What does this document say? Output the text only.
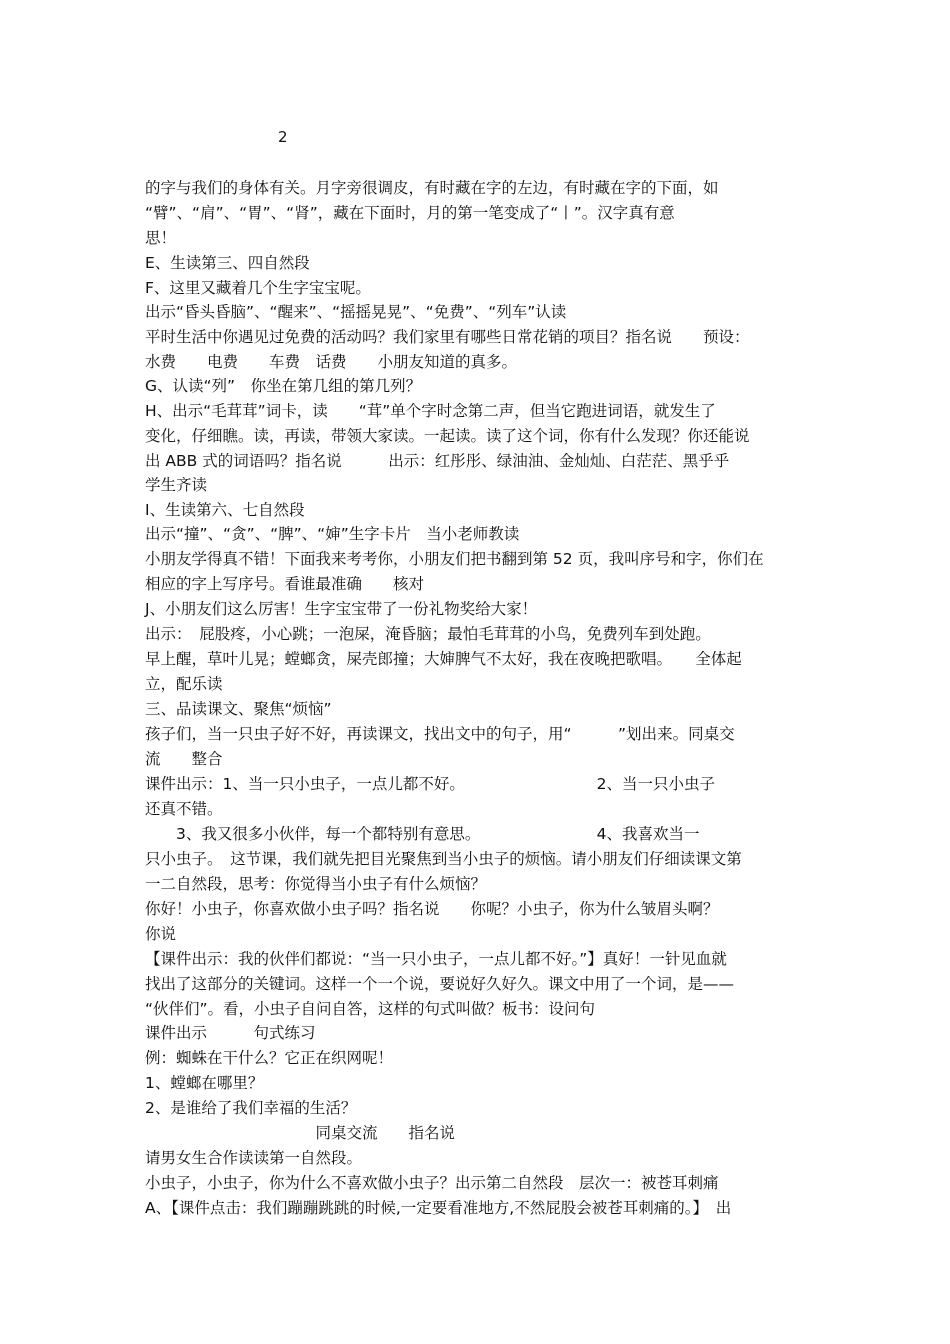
2
的字与我们的身体有关。月字旁很调皮，有时藏在字的左边，有时藏在字的下面，如
“臂”、“肩”、“胃”、“肾”，藏在下面时，月的第一笔变成了“丨”。汉字真有意
思！
E、生读第三、四自然段
F、这里又藏着几个生字宝宝呢。
出示“昏头昏脑”、“醒来”、“摇摇晃晃”、“免费”、“列车”认读
平时生活中你遇见过免费的活动吗？我们家里有哪些日常花销的项目？指名说　　预设：
水费　　电费　　车费　话费　　小朋友知道的真多。
G、认读“列”　你坐在第几组的第几列？
H、出示“毛茸茸”词卡，读　　“茸”单个字时念第二声，但当它跑进词语，就发生了
变化，仔细瞧。读，再读，带领大家读。一起读。读了这个词，你有什么发现？你还能说
出 ABB 式的词语吗？指名说　　　出示：红彤彤、绿油油、金灿灿、白茫茫、黑乎乎
学生齐读
I、生读第六、七自然段
出示“撞”、“贪”、“脾”、“婶”生字卡片　当小老师教读
小朋友学得真不错！下面我来考考你，小朋友们把书翻到第 52 页，我叫序号和字，你们在
相应的字上写序号。看谁最准确　　核对
J、小朋友们这么厉害！生字宝宝带了一份礼物奖给大家！
出示：　屁股疼，小心跳；一泡屎，淹昏脑；最怕毛茸茸的小鸟，免费列车到处跑。
早上醒，草叶儿晃；螳螂贪，屎壳郎撞；大婶脾气不太好，我在夜晚把歌唱。　　全体起
立，配乐读
三、品读课文、聚焦“烦恼”
孩子们，当一只虫子好不好，再读课文，找出文中的句子，用“　　　”划出来。同桌交
流　　整合
课件出示：1、当一只小虫子，一点儿都不好。　　　　　　　　　2、当一只小虫子
还真不错。
　　3、我又很多小伙伴，每一个都特别有意思。　　　　　　　　4、我喜欢当一
只小虫子。　这节课，我们就先把目光聚焦到当小虫子的烦恼。请小朋友们仔细读课文第
一二自然段，思考：你觉得当小虫子有什么烦恼？
你好！小虫子，你喜欢做小虫子吗？指名说　　你呢？小虫子，你为什么皱眉头啊？
你说
【课件出示：我的伙伴们都说：“当一只小虫子，一点儿都不好。”】真好！一针见血就
找出了这部分的关键词。这样一个一个说，要说好久好久。课文中用了一个词，是——
“伙伴们”。看，小虫子自问自答，这样的句式叫做？板书：设问句
课件出示　　　句式练习
例：蜘蛛在干什么？它正在织网呢！
1、螳螂在哪里？
2、是谁给了我们幸福的生活？
　　　　　　　　　　　同桌交流　　指名说
请男女生合作读读第一自然段。
小虫子，小虫子，你为什么不喜欢做小虫子？出示第二自然段　层次一：被苍耳刺痛
A、【课件点击：我们蹦蹦跳跳的时候,一定要看准地方,不然屁股会被苍耳刺痛的。】　出
